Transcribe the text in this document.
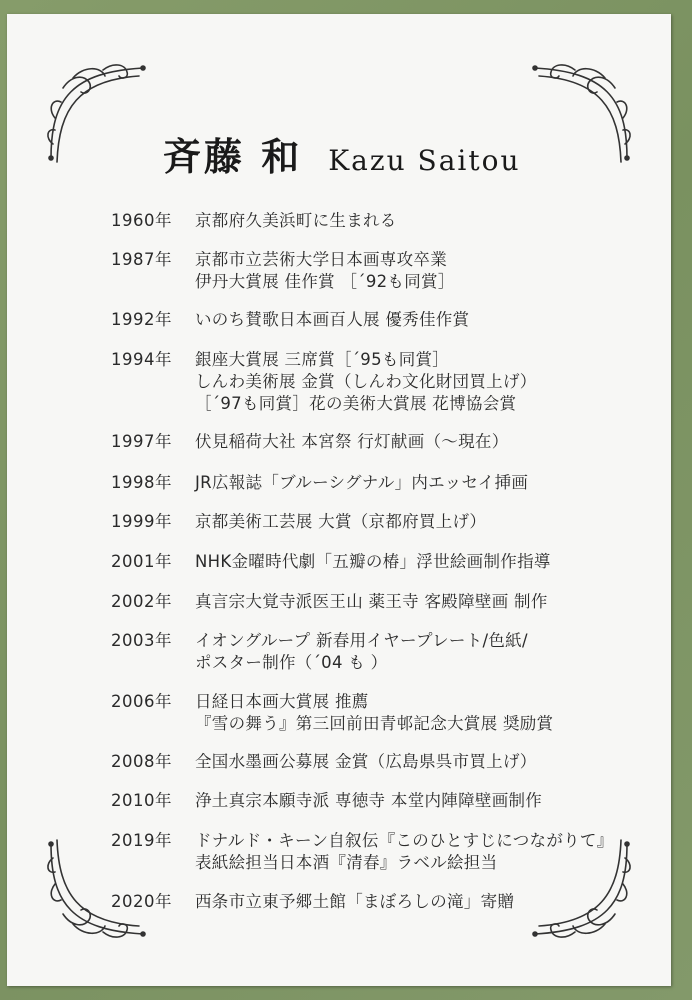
斉藤 和 Kazu Saitou
1960年	京都府久美浜町に生まれる
1987年	京都市立芸術大学日本画専攻卒業
伊丹大賞展 佳作賞 ［´92も同賞］
1992年	いのち賛歌日本画百人展 優秀佳作賞
1994年	銀座大賞展 三席賞［´95も同賞］
しんわ美術展 金賞（しんわ文化財団買上げ）
［´97も同賞］花の美術大賞展 花博協会賞
1997年	伏見稲荷大社 本宮祭 行灯献画（～現在）
1998年	JR広報誌「ブルーシグナル」内エッセイ挿画
1999年	京都美術工芸展 大賞（京都府買上げ）
2001年	NHK金曜時代劇「五瓣の椿」浮世絵画制作指導
2002年	真言宗大覚寺派医王山 薬王寺 客殿障壁画 制作
2003年	イオングループ 新春用イヤープレート/色紙/
ポスター制作（´04 も ）
2006年	日経日本画大賞展 推薦
『雪の舞う』第三回前田青邨記念大賞展 奨励賞
2008年	全国水墨画公募展 金賞（広島県呉市買上げ）
2010年	浄土真宗本願寺派 専徳寺 本堂内陣障壁画制作
2019年	ドナルド・キーン自叙伝『このひとすじにつながりて』
表紙絵担当日本酒『清春』ラベル絵担当
2020年	西条市立東予郷土館「まぼろしの滝」寄贈
